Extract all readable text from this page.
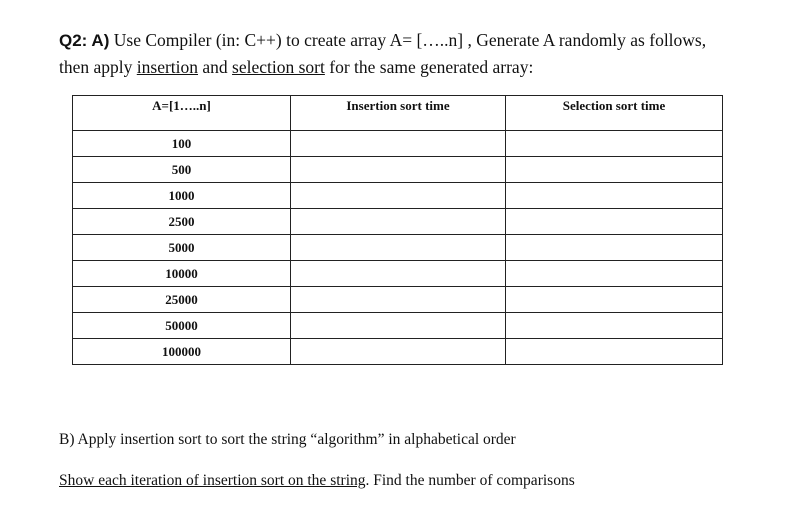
Q2: A) Use Compiler (in: C++) to create array A= […..n] , Generate A randomly as follows,
then apply insertion and selection sort for the same generated array:
A=[1…..n]	Insertion sort time	Selection sort time
100		
500		
1000		
2500		
5000		
10000		
25000		
50000		
100000		
B) Apply insertion sort to sort the string “algorithm” in alphabetical order
Show each iteration of insertion sort on the string. Find the number of comparisons
